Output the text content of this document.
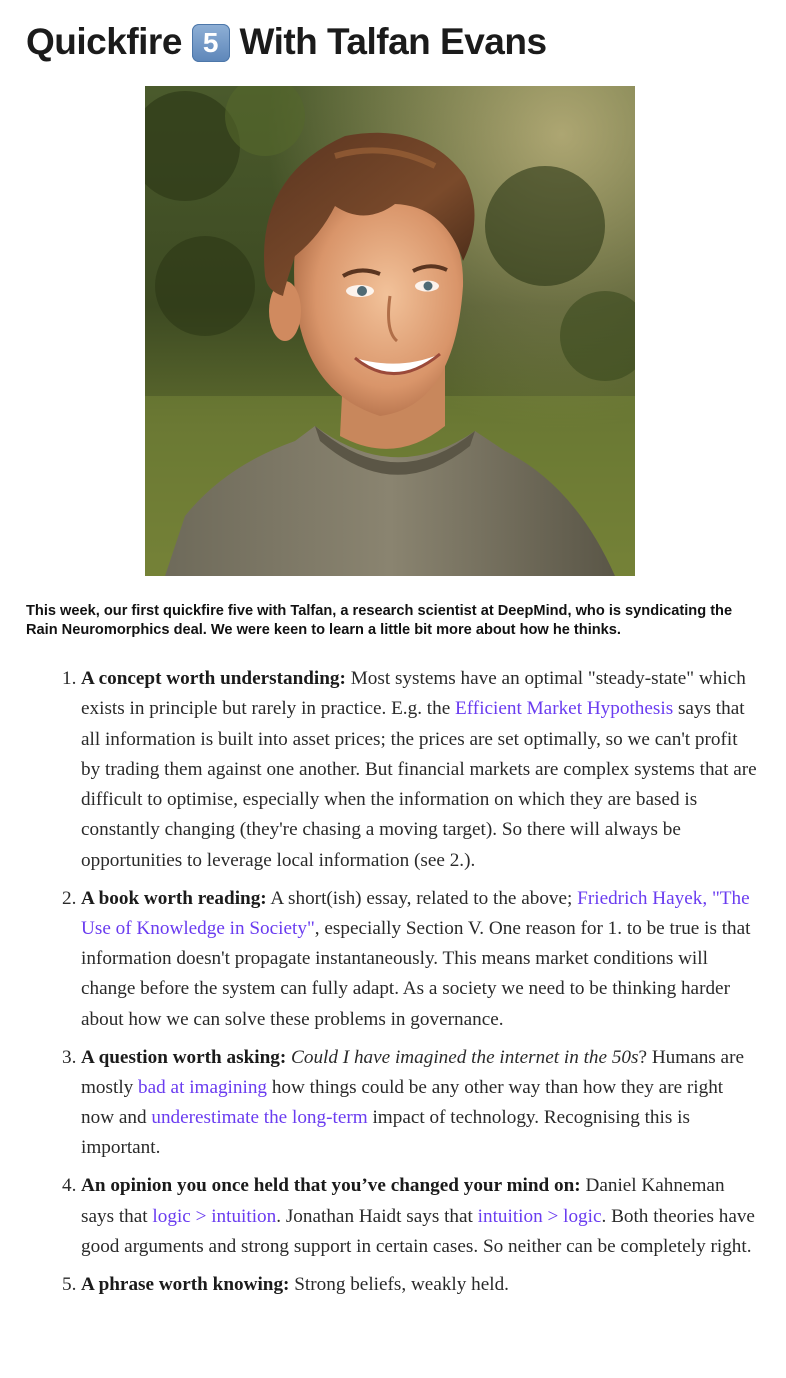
Quickfire 5 With Talfan Evans

This week, our first quickfire five with Talfan, a research scientist at DeepMind, who is syndicating the Rain Neuromorphics deal. We were keen to learn a little bit more about how he thinks.

1. A concept worth understanding: Most systems have an optimal "steady-state" which exists in principle but rarely in practice. E.g. the Efficient Market Hypothesis says that all information is built into asset prices; the prices are set optimally, so we can't profit by trading them against one another. But financial markets are complex systems that are difficult to optimise, especially when the information on which they are based is constantly changing (they're chasing a moving target). So there will always be opportunities to leverage local information (see 2.).
2. A book worth reading: A short(ish) essay, related to the above; Friedrich Hayek, "The Use of Knowledge in Society", especially Section V. One reason for 1. to be true is that information doesn't propagate instantaneously. This means market conditions will change before the system can fully adapt. As a society we need to be thinking harder about how we can solve these problems in governance.
3. A question worth asking: Could I have imagined the internet in the 50s? Humans are mostly bad at imagining how things could be any other way than how they are right now and underestimate the long-term impact of technology. Recognising this is important.
4. An opinion you once held that you’ve changed your mind on: Daniel Kahneman says that logic > intuition. Jonathan Haidt says that intuition > logic. Both theories have good arguments and strong support in certain cases. So neither can be completely right.
5. A phrase worth knowing: Strong beliefs, weakly held.
